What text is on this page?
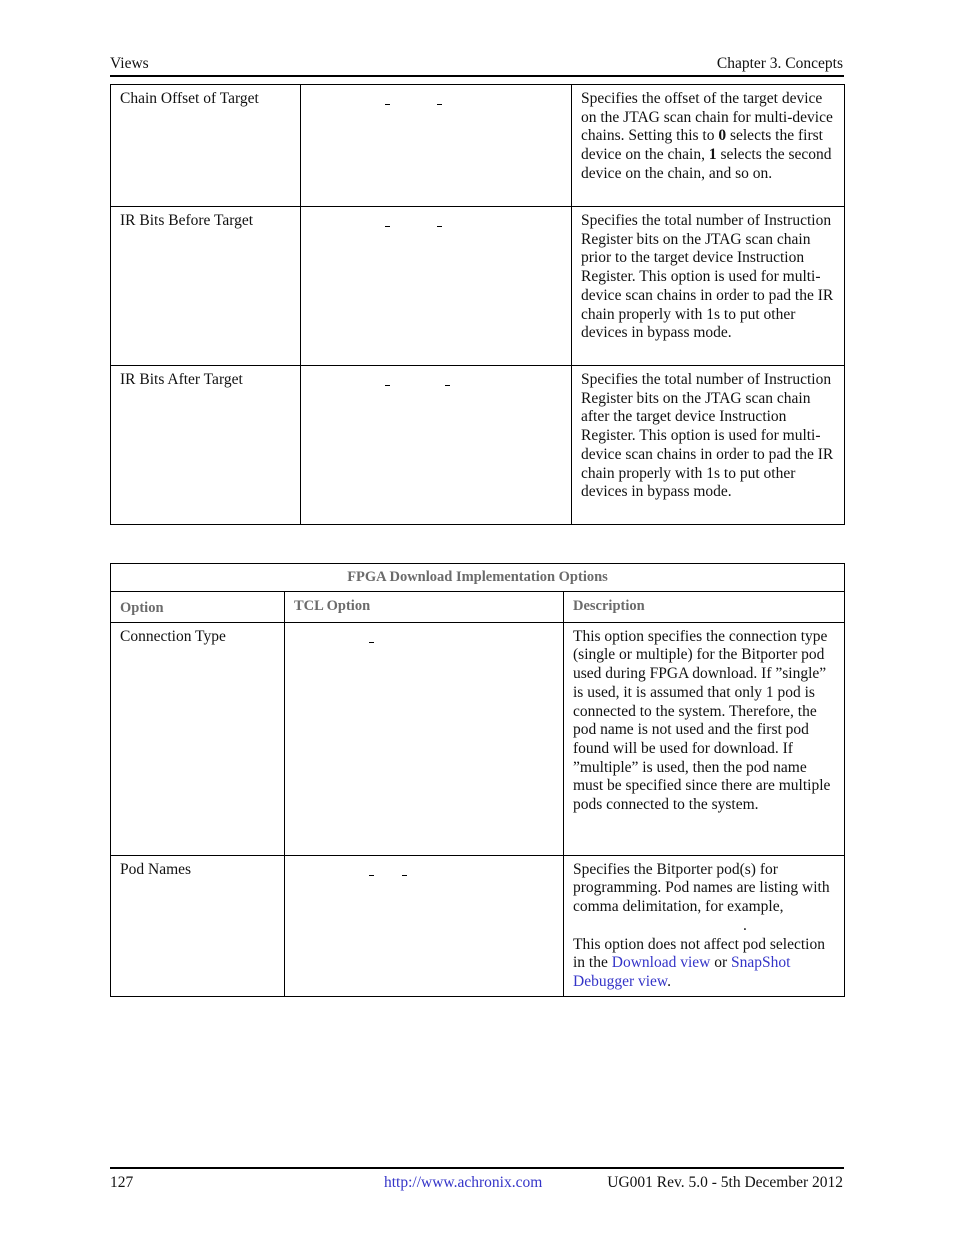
Views	Chapter 3. Concepts
Chain Offset of Target		Specifies the offset of the target device on the JTAG scan chain for multi-device chains. Setting this to 0 selects the first device on the chain, 1 selects the second device on the chain, and so on.
IR Bits Before Target		Specifies the total number of Instruction Register bits on the JTAG scan chain prior to the target device Instruction Register. This option is used for multi-device scan chains in order to pad the IR chain properly with 1s to put other devices in bypass mode.
IR Bits After Target		Specifies the total number of Instruction Register bits on the JTAG scan chain after the target device Instruction Register. This option is used for multi-device scan chains in order to pad the IR chain properly with 1s to put other devices in bypass mode.
FPGA Download Implementation Options		
Option	TCL Option	Description
Connection Type		This option specifies the connection type (single or multiple) for the Bitporter pod used during FPGA download. If ”single” is used, it is assumed that only 1 pod is connected to the system. Therefore, the pod name is not used and the first pod found will be used for download. If ”multiple” is used, then the pod name must be specified since there are multiple pods connected to the system.
Pod Names		Specifies the Bitporter pod(s) for programming. Pod names are listing with comma delimitation, for example,.
This option does not affect pod selection in the Download view or SnapShot Debugger view.
127	http://www.achronix.com	UG001 Rev. 5.0 - 5th December 2012
